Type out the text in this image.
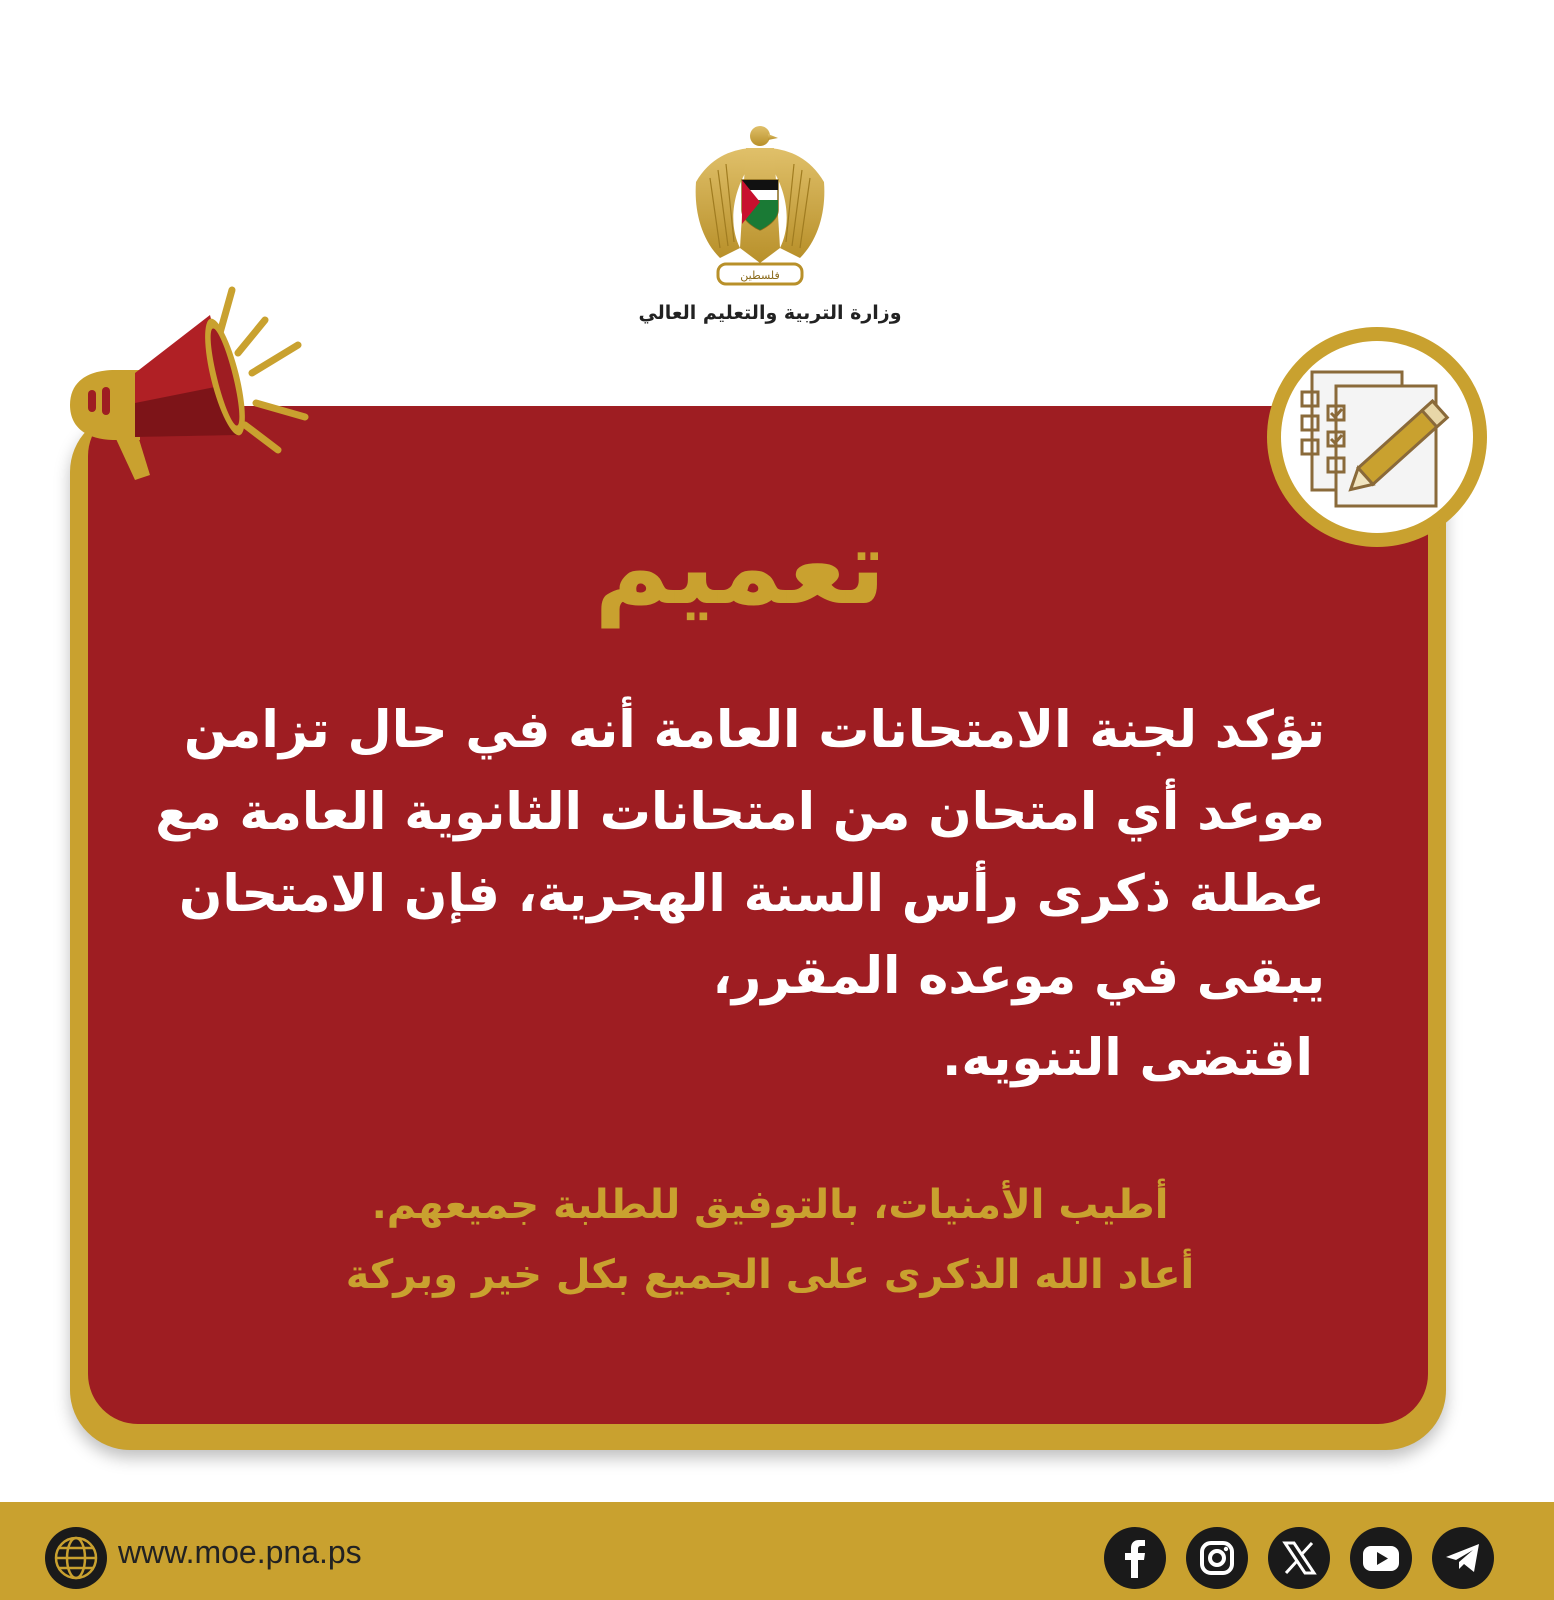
فلسطين
وزارة التربية والتعليم العالي
تعميم
تؤكد لجنة الامتحانات العامة أنه في حال تزامن
موعد أي امتحان من امتحانات الثانوية العامة مع
عطلة ذكرى رأس السنة الهجرية، فإن الامتحان
يبقى في موعده المقرر،
اقتضى التنويه.
أطيب الأمنيات، بالتوفيق للطلبة جميعهم.
أعاد الله الذكرى على الجميع بكل خير وبركة
www.moe.pna.ps
